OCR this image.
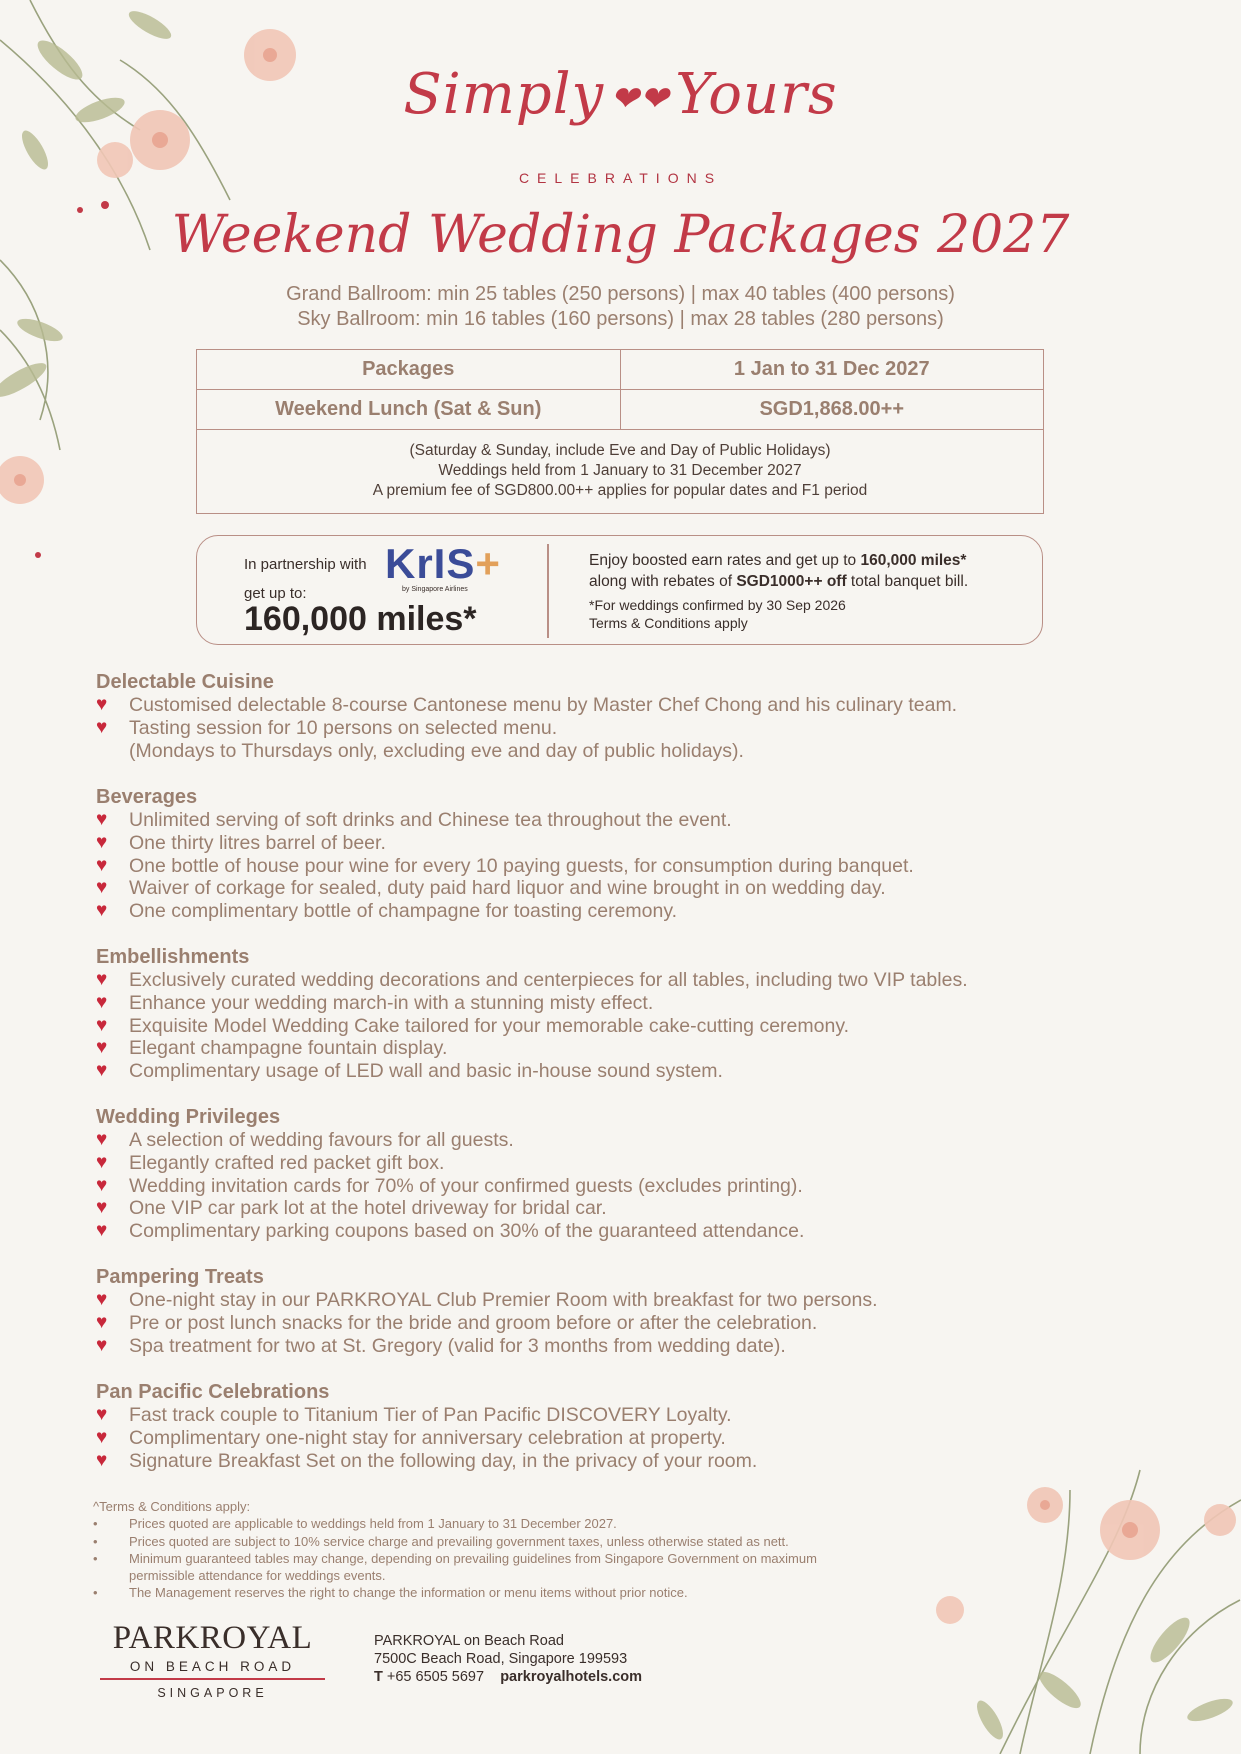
Simply ❤❤ Yours
CELEBRATIONS
Weekend Wedding Packages 2027
Grand Ballroom: min 25 tables (250 persons) | max 40 tables (400 persons)
Sky Ballroom: min 16 tables (160 persons) | max 28 tables (280 persons)
Packages	1 Jan to 31 Dec 2027
Weekend Lunch (Sat & Sun)	SGD1,868.00++

(Saturday & Sunday, include Eve and Day of Public Holidays)
Weddings held from 1 January to 31 December 2027
A premium fee of SGD800.00++ applies for popular dates and F1 period	
In partnership with KrIS+
by Singapore Airlines
get up to:
160,000 miles*
Enjoy boosted earn rates and get up to 160,000 miles*
along with rebates of SGD1000++ off total banquet bill.
*For weddings confirmed by 30 Sep 2026
Terms & Conditions apply
Delectable Cuisine
♥ Customised delectable 8-course Cantonese menu by Master Chef Chong and his culinary team.
♥ Tasting session for 10 persons on selected menu.
(Mondays to Thursdays only, excluding eve and day of public holidays).
Beverages
♥ Unlimited serving of soft drinks and Chinese tea throughout the event.
♥ One thirty litres barrel of beer.
♥ One bottle of house pour wine for every 10 paying guests, for consumption during banquet.
♥ Waiver of corkage for sealed, duty paid hard liquor and wine brought in on wedding day.
♥ One complimentary bottle of champagne for toasting ceremony.
Embellishments
♥ Exclusively curated wedding decorations and centerpieces for all tables, including two VIP tables.
♥ Enhance your wedding march-in with a stunning misty effect.
♥ Exquisite Model Wedding Cake tailored for your memorable cake-cutting ceremony.
♥ Elegant champagne fountain display.
♥ Complimentary usage of LED wall and basic in-house sound system.
Wedding Privileges
♥ A selection of wedding favours for all guests.
♥ Elegantly crafted red packet gift box.
♥ Wedding invitation cards for 70% of your confirmed guests (excludes printing).
♥ One VIP car park lot at the hotel driveway for bridal car.
♥ Complimentary parking coupons based on 30% of the guaranteed attendance.
Pampering Treats
♥ One-night stay in our PARKROYAL Club Premier Room with breakfast for two persons.
♥ Pre or post lunch snacks for the bride and groom before or after the celebration.
♥ Spa treatment for two at St. Gregory (valid for 3 months from wedding date).
Pan Pacific Celebrations
♥ Fast track couple to Titanium Tier of Pan Pacific DISCOVERY Loyalty.
♥ Complimentary one-night stay for anniversary celebration at property.
♥ Signature Breakfast Set on the following day, in the privacy of your room.
^Terms & Conditions apply:
• Prices quoted are applicable to weddings held from 1 January to 31 December 2027.
• Prices quoted are subject to 10% service charge and prevailing government taxes, unless otherwise stated as nett.
• Minimum guaranteed tables may change, depending on prevailing guidelines from Singapore Government on maximum
permissible attendance for weddings events.
• The Management reserves the right to change the information or menu items without prior notice.
PARKROYAL
ON BEACH ROAD
SINGAPORE
PARKROYAL on Beach Road
7500C Beach Road, Singapore 199593
T +65 6505 5697 parkroyalhotels.com
